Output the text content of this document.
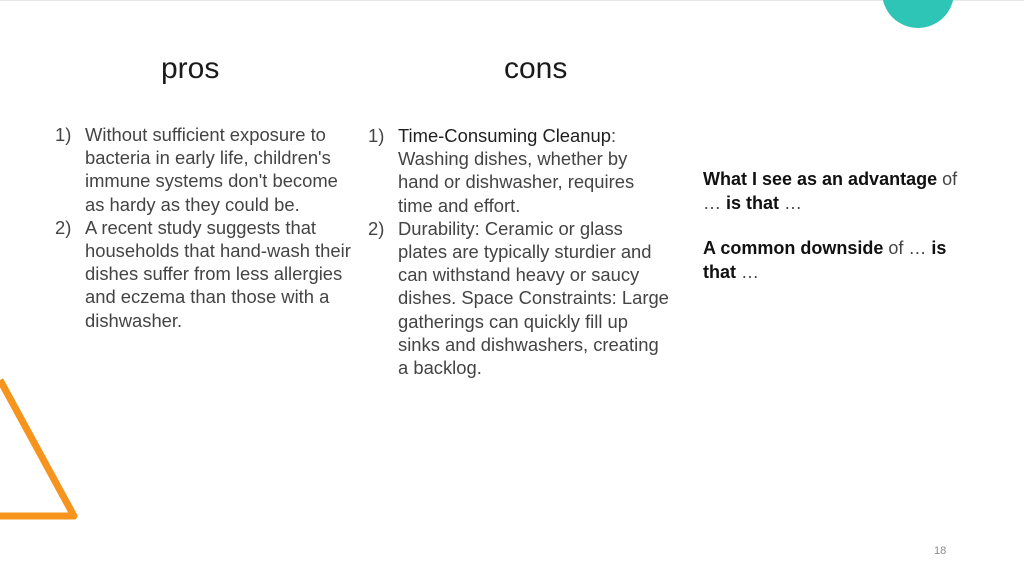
pros	cons
1) Without sufficient exposure to bacteria in early life, children's immune systems don't become as hardy as they could be.
2) A recent study suggests that households that hand-wash their dishes suffer from less allergies and eczema than those with a dishwasher.
1) Time-Consuming Cleanup:
Washing dishes, whether by hand or dishwasher, requires time and effort.
2) Durability: Ceramic or glass plates are typically sturdier and can withstand heavy or saucy dishes. Space Constraints: Large gatherings can quickly fill up sinks and dishwashers, creating a backlog.

What I see as an advantage of
… is that …

A common downside of … is
that …

18
